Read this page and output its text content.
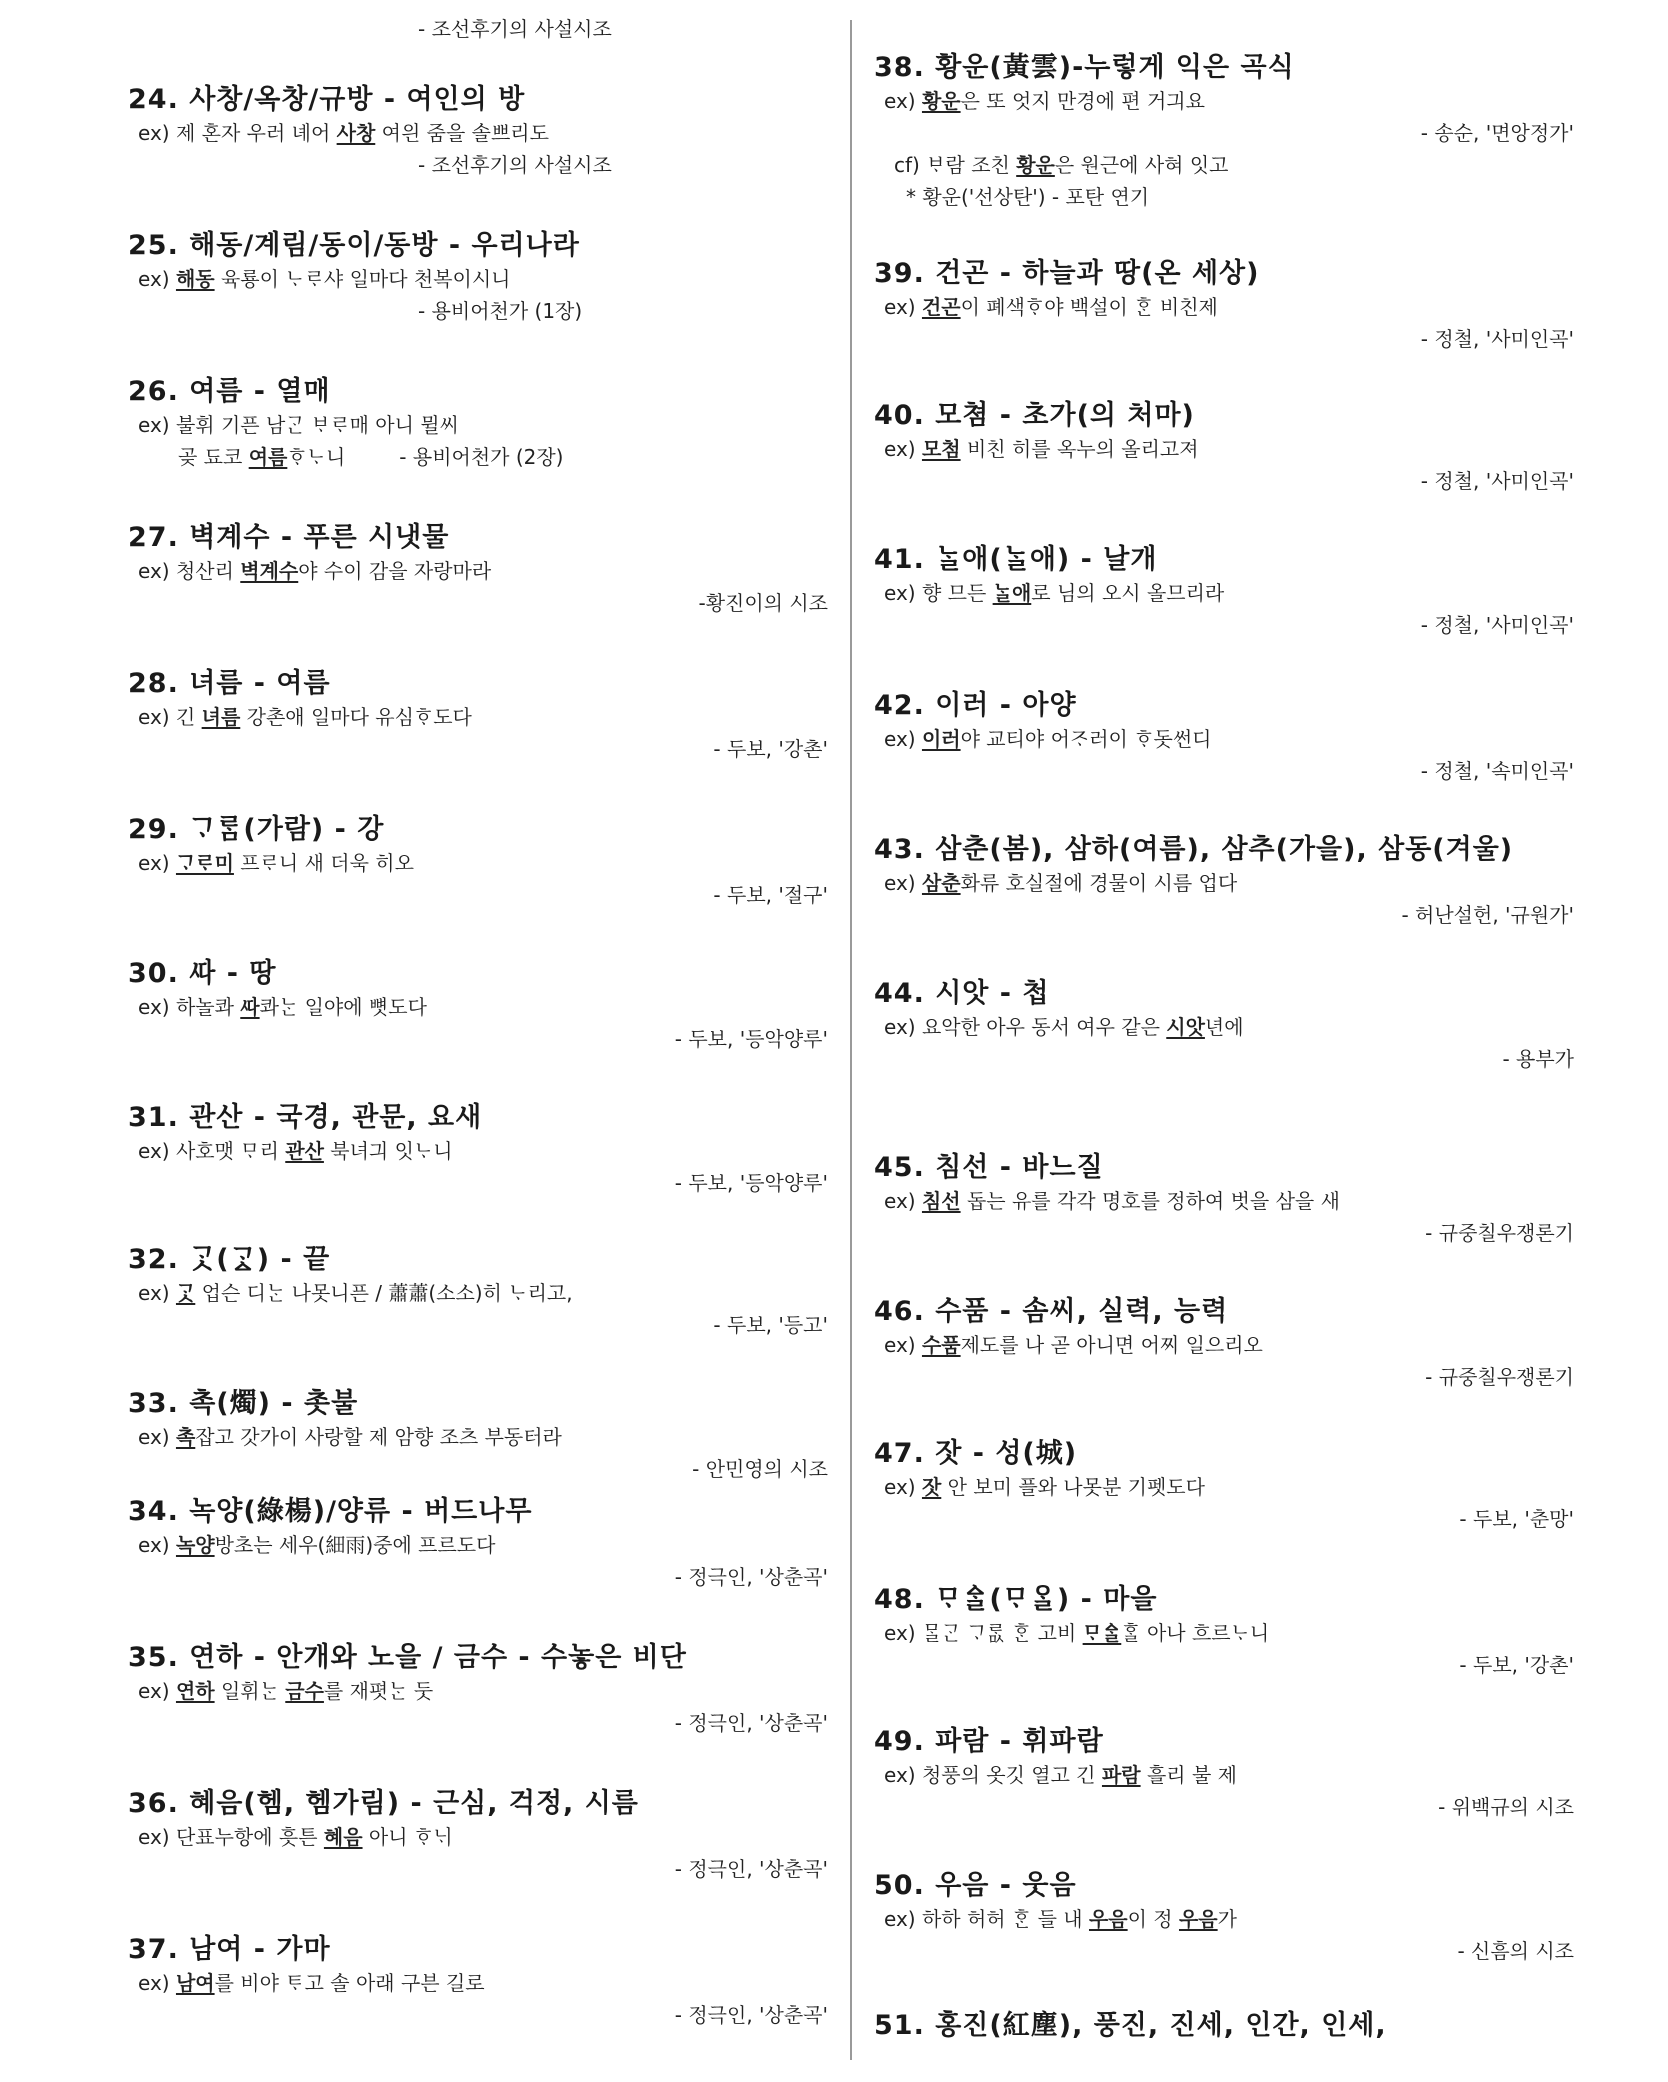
- 조선후기의 사설시조
24. 사창/옥창/규방 - 여인의 방
ex) 제 혼자 우러 녜어 사창 여읜 줌을 솔쁘리도
- 조선후기의 사설시조
25. 해동/계림/동이/동방 - 우리나라
ex) 해동 육룡이 ᄂᆞᄅᆞ샤 일마다 천복이시니
- 용비어천가 (1장)
26. 여름 - 열매
ex) 불휘 기픈 남ᄀᆞᆫ ᄇᆞᄅᆞ매 아니 뮐씨
곶 됴코 여름ᄒᆞᄂᆞ니	- 용비어천가 (2장)
27. 벽계수 - 푸른 시냇물
ex) 청산리 벽계수야 수이 감을 자랑마라
-황진이의 시조
28. 녀름 - 여름
ex) 긴 녀름 강촌애 일마다 유심ᄒᆞ도다
- 두보, '강촌'
29. ᄀᆞᄅᆞᆷ(가람) - 강
ex) ᄀᆞᄅᆞ미 프ᄅᆞ니 새 더욱 히오
- 두보, '절구'
30. ᄯᅡ - 땅
ex) 하놀콰 ᄯᅡ콰ᄂᆞᆫ 일야에 뼛도다
- 두보, '등악양루'
31. 관산 - 국경, 관문, 요새
ex) 사호맷 ᄆᆞ리 관산 북녀긔 잇ᄂᆞ니
- 두보, '등악양루'
32. ᄀᆞᆺ(ᄀᆞᇫ) - 끝
ex) ᄀᆞᆺ 업슨 디ᄂᆞᆫ 나못니픈 / 蕭蕭(소소)히 ᄂᆞ리고,
- 두보, '등고'
33. 촉(燭) - 촛불
ex) 촉잡고 갓가이 사랑할 제 암향 조츠 부동터라
- 안민영의 시조
34. 녹양(綠楊)/양류 - 버드나무
ex) 녹양방초는 세우(細雨)중에 프르도다
- 정극인, '상춘곡'
35. 연하 - 안개와 노을 / 금수 - 수놓은 비단
ex) 연하 일휘ᄂᆞᆫ 금수를 재폇ᄂᆞᆫ 둣
- 정극인, '상춘곡'
36. 혜음(헴, 헴가림) - 근심, 걱정, 시름
ex) 단표누항에 흣튼 혜음 아니 ᄒᆞᄂᆡ
- 정극인, '상춘곡'
37. 남여 - 가마
ex) 남여를 비야 ᄐᆞ고 솔 아래 구븐 길로
- 정극인, '상춘곡'
38. 황운(黃雲)-누렇게 익은 곡식
ex) 황운은 또 엇지 만경에 편 거긔요
- 송순, '면앙정가'
cf) ᄇᆞ람 조친 황운은 원근에 사혀 잇고
* 황운('선상탄') - 포탄 연기
39. 건곤 - 하늘과 땅(온 세상)
ex) 건곤이 폐색ᄒᆞ야 백설이 ᄒᆞᆫ 비친제
- 정철, '사미인곡'
40. 모쳠 - 초가(의 처마)
ex) 모첨 비친 히를 옥누의 올리고져
- 정철, '사미인곡'
41. ᄂᆞᆯ애(ᄂᆞᆯ애) - 날개
ex) 향 므든 ᄂᆞᆯ애로 님의 오시 올므리라
- 정철, '사미인곡'
42. 이러 - 아양
ex) 이러야 교티야 어ᄌᆞ러이 ᄒᆞ돗썬디
- 정철, '속미인곡'
43. 삼춘(봄), 삼하(여름), 삼추(가을), 삼동(겨울)
ex) 삼춘화류 호실절에 경물이 시름 업다
- 허난설헌, '규원가'
44. 시앗 - 첩
ex) 요악한 아우 동서 여우 같은 시앗년에
- 용부가
45. 침선 - 바느질
ex) 침선 돕는 유를 각각 명호를 정하여 벗을 삼을 새
- 규중칠우쟁론기
46. 수품 - 솜씨, 실력, 능력
ex) 수품제도를 나 곧 아니면 어찌 일으리오
- 규중칠우쟁론기
47. 잣 - 성(城)
ex) 잣 안 보미 플와 나못분 기펫도다
- 두보, '춘망'
48. ᄆᆞᅀᆞᆯ(ᄆᆞᄋᆞᆯ) - 마을
ex) ᄆᆞᆯᄀᆞᆫ ᄀᆞᄅᆞᇝ ᄒᆞᆫ 고비 ᄆᆞᅀᆞᆯᄒᆞᆯ 아나 흐르ᄂᆞ니
- 두보, '강촌'
49. 파람 - 휘파람
ex) 청풍의 옷깃 열고 긴 파람 흘리 불 제
- 위백규의 시조
50. 우음 - 웃음
ex) 하하 허허 ᄒᆞᆫ 들 내 우음이 정 우음가
- 신흠의 시조
51. 홍진(紅塵), 풍진, 진세, 인간, 인세,
